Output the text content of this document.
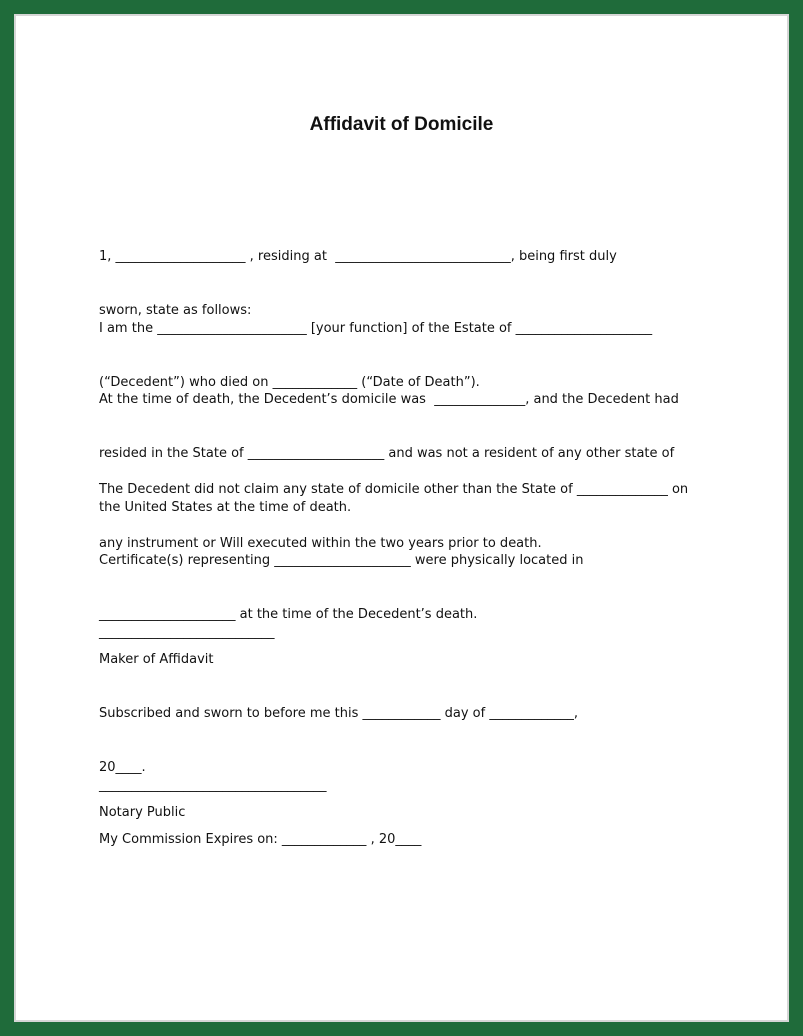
Affidavit of Domicile

1, ____________________ , residing at  ___________________________, being first duly

sworn, state as follows:

I am the _______________________ [your function] of the Estate of _____________________

(“Decedent”) who died on _____________ (“Date of Death”).

At the time of death, the Decedent’s domicile was  ______________, and the Decedent had

resided in the State of _____________________ and was not a resident of any other state of

the United States at the time of death.

The Decedent did not claim any state of domicile other than the State of ______________ on

any instrument or Will executed within the two years prior to death.

Certificate(s) representing _____________________ were physically located in

_____________________ at the time of the Decedent’s death.

___________________________

Maker of Affidavit

Subscribed and sworn to before me this ____________ day of _____________,

20____.

___________________________________

Notary Public

My Commission Expires on: _____________ , 20____
